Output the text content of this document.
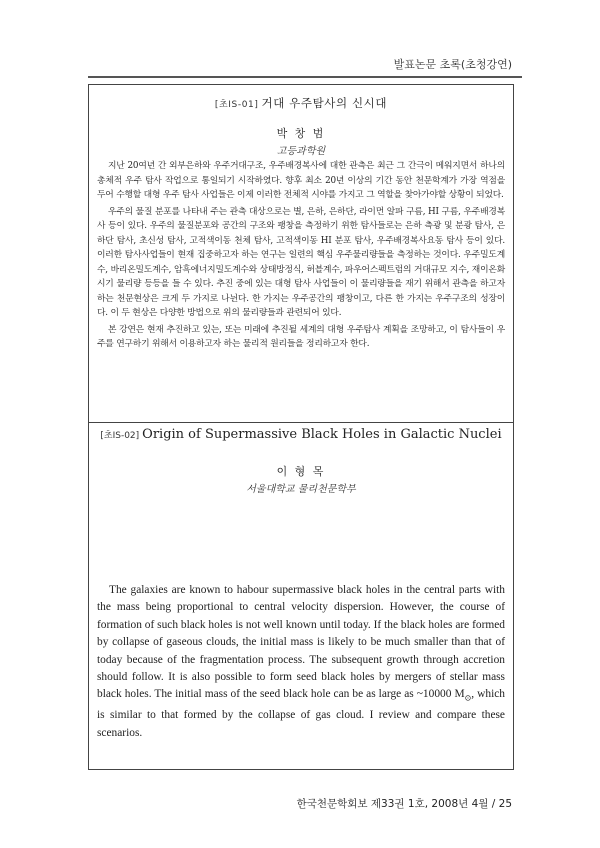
발표논문 초록(초청강연)
[초IS-01] 거대 우주탐사의 신시대
박 창 범
고등과학원

지난 20여년 간 외부은하와 우주거대구조, 우주배경복사에 대한 관측은 최근 그 간극이 메워지면서 하나의 총체적 우주 탐사 작업으로 통일되기 시작하였다. 향후 최소 20년 이상의 기간 동안 천문학계가 가장 역점을 두어 수행할 대형 우주 탐사 사업들은 이제 이러한 전체적 시야를 가지고 그 역할을 찾아가야할 상황이 되었다.

우주의 물질 분포를 나타내 주는 관측 대상으로는 별, 은하, 은하단, 라이먼 알파 구름, HI 구름, 우주배경복사 등이 있다. 우주의 물질분포와 공간의 구조와 팽창을 측정하기 위한 탐사들로는 은하 측광 및 분광 탐사, 은하단 탐사, 초신성 탐사, 고적색이동 천체 탐사, 고적색이동 HI 분포 탐사, 우주배경복사요동 탐사 등이 있다. 이러한 탐사사업들이 현재 집중하고자 하는 연구는 일련의 핵심 우주물리량들을 측정하는 것이다. 우주밀도계수, 바리온밀도계수, 암흑에너지밀도계수와 상태방정식, 허블계수, 파우어스펙트럼의 거대규모 지수, 재이온화시기 물리량 등등을 들 수 있다. 추진 중에 있는 대형 탐사 사업들이 이 물리량들을 재기 위해서 관측을 하고자 하는 천문현상은 크게 두 가지로 나뉜다. 한 가지는 우주공간의 팽창이고, 다른 한 가지는 우주구조의 성장이다. 이 두 현상은 다양한 방법으로 위의 물리량들과 관련되어 있다.

본 강연은 현재 추진하고 있는, 또는 미래에 추진될 세계의 대형 우주탐사 계획을 조망하고, 이 탐사들이 우주를 연구하기 위해서 이용하고자 하는 물리적 원리들을 정리하고자 한다.

[초IS-02] Origin of Supermassive Black Holes in Galactic Nuclei
이 형 목
서울대학교 물리천문학부

The galaxies are known to habour supermassive black holes in the central parts with the mass being proportional to central velocity dispersion. However, the course of formation of such black holes is not well known until today. If the black holes are formed by collapse of gaseous clouds, the initial mass is likely to be much smaller than that of today because of the fragmentation process. The subsequent growth through accretion should follow. It is also possible to form seed black holes by mergers of stellar mass black holes. The initial mass of the seed black hole can be as large as ~10000 $M_⊙$, which is similar to that formed by the collapse of gas cloud. I review and compare these scenarios.

한국천문학회보 제33권 1호, 2008년 4월 / 25
